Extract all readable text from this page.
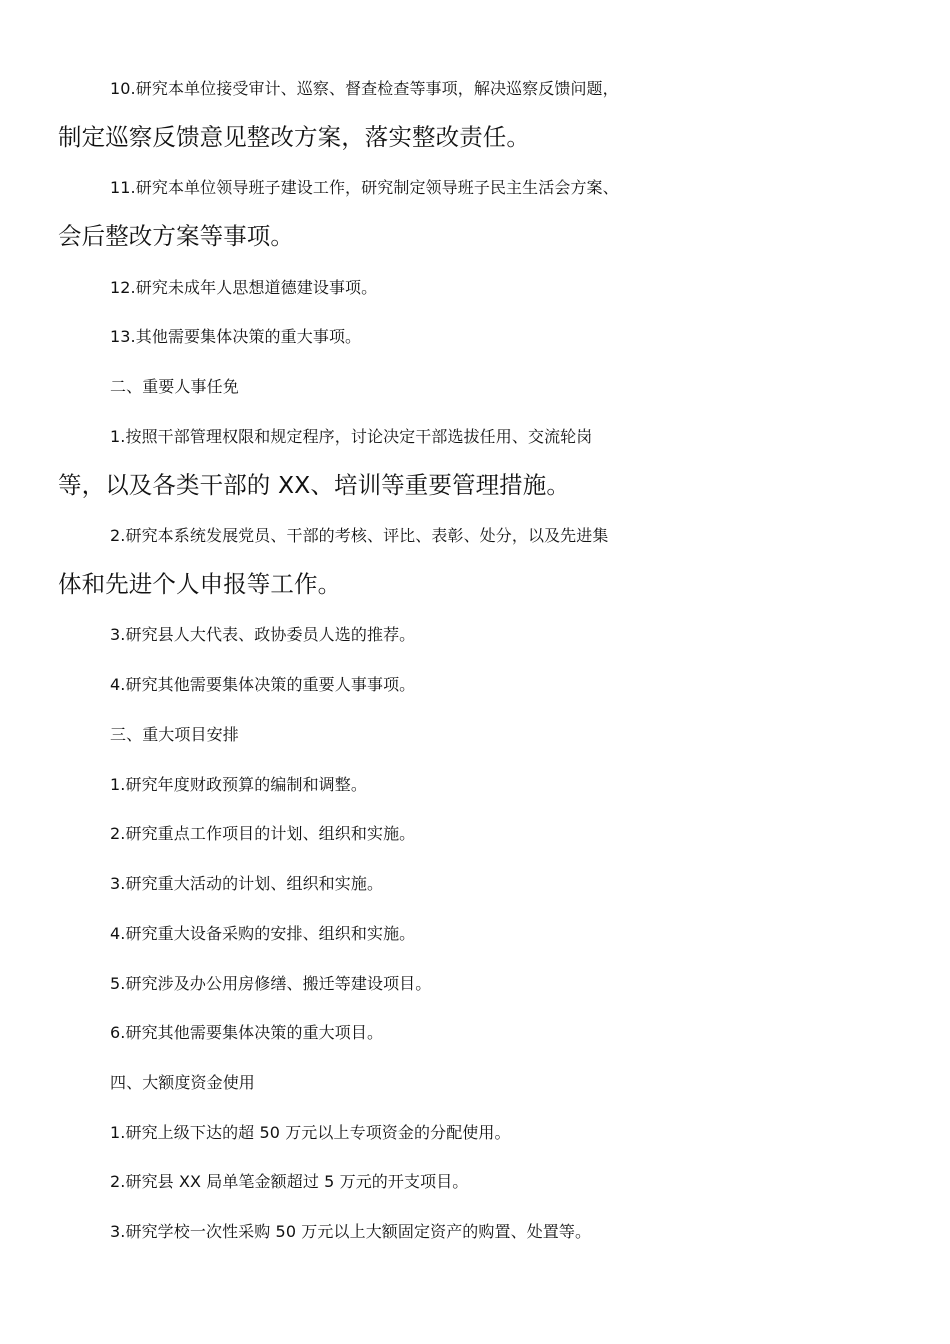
10.研究本单位接受审计、巡察、督查检查等事项，解决巡察反馈问题，
制定巡察反馈意见整改方案，落实整改责任。
11.研究本单位领导班子建设工作，研究制定领导班子民主生活会方案、
会后整改方案等事项。
12.研究未成年人思想道德建设事项。
13.其他需要集体决策的重大事项。
二、重要人事任免
1.按照干部管理权限和规定程序，讨论决定干部选拔任用、交流轮岗
等，以及各类干部的 XX、培训等重要管理措施。
2.研究本系统发展党员、干部的考核、评比、表彰、处分，以及先进集
体和先进个人申报等工作。
3.研究县人大代表、政协委员人选的推荐。
4.研究其他需要集体决策的重要人事事项。
三、重大项目安排
1.研究年度财政预算的编制和调整。
2.研究重点工作项目的计划、组织和实施。
3.研究重大活动的计划、组织和实施。
4.研究重大设备采购的安排、组织和实施。
5.研究涉及办公用房修缮、搬迁等建设项目。
6.研究其他需要集体决策的重大项目。
四、大额度资金使用
1.研究上级下达的超 50 万元以上专项资金的分配使用。
2.研究县 XX 局单笔金额超过 5 万元的开支项目。
3.研究学校一次性采购 50 万元以上大额固定资产的购置、处置等。
